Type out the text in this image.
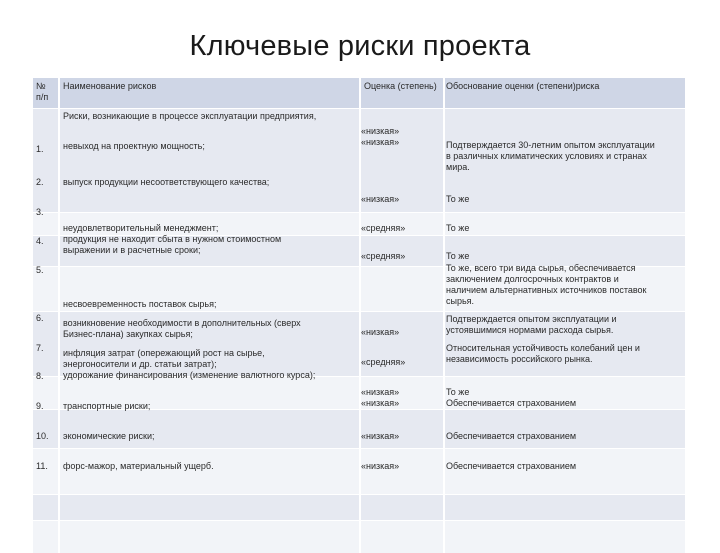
Ключевые риски проекта
№
п/п
Наименование рисков	Оценка (степень) Обоснование оценки (степени)риска
Риски, возникающие в процессе эксплуатации предприятия,
1.
2.
3.
4.
5.
6.
7.
8.
9.
10.
11.
невыход на проектную мощность;
выпуск продукции несоответствующего качества;
неудовлетворительный менеджмент;
продукция не находит сбыта в нужном стоимостном
выражении и в расчетные сроки;
несвоевременность поставок сырья;
возникновение необходимости в дополнительных (сверх
Бизнес-плана) закупках сырья;
инфляция затрат (опережающий рост на сырье,
энергоносители и др. статьи затрат);
удорожание финансирования (изменение валютного курса);
транспортные риски;
экономические риски;
форс-мажор, материальный ущерб.
«низкая»
«низкая»
«низкая»
«средняя»
«средняя»
«низкая»
«средняя»
«низкая»
«низкая»
«низкая»
«низкая»
Подтверждается 30-летним опытом эксплуатации
в различных климатических условиях и странах
мира.
То же
То же
То же
То же, всего три вида сырья, обеспечивается
заключением долгосрочных контрактов и
наличием альтернативных источников поставок
сырья.
Подтверждается опытом эксплуатации и
устоявшимися нормами расхода сырья.
Относительная устойчивость колебаний цен и
независимость российского рынка.
То же
Обеспечивается страхованием
Обеспечивается страхованием
Обеспечивается страхованием
